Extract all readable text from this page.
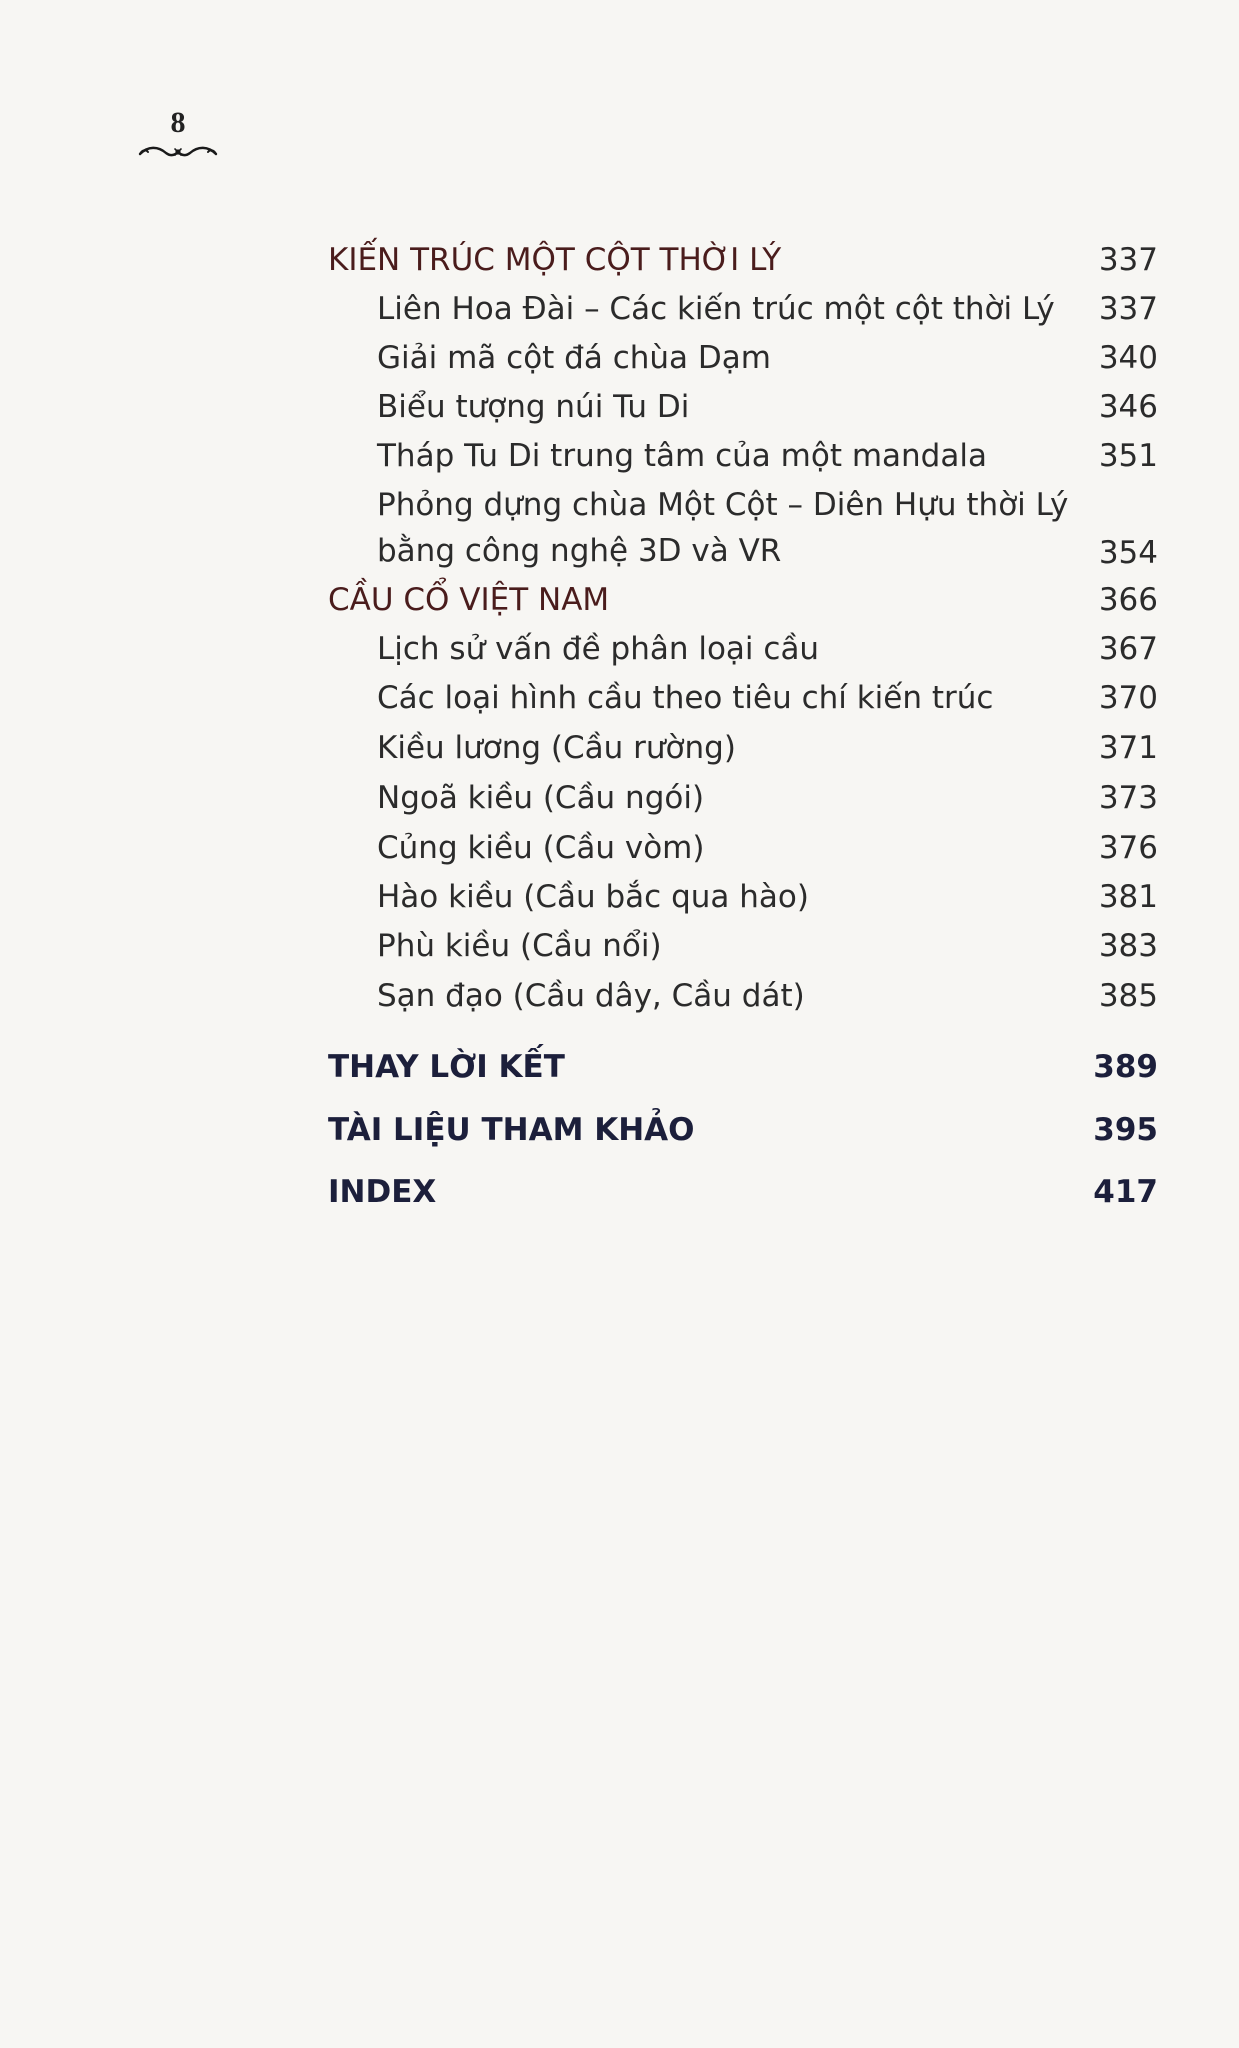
8
KIẾN TRÚC MỘT CỘT THỜI LÝ	337
Liên Hoa Đài – Các kiến trúc một cột thời Lý 337
Giải mã cột đá chùa Dạm	340
Biểu tượng núi Tu Di	346
Tháp Tu Di trung tâm của một mandala	351
Phỏng dựng chùa Một Cột – Diên Hựu thời Lý
bằng công nghệ 3D và VR	354
CẦU CỔ VIỆT NAM	366
Lịch sử vấn đề phân loại cầu	367
Các loại hình cầu theo tiêu chí kiến trúc	370
Kiều lương (Cầu rường)	371
Ngoã kiều (Cầu ngói)	373
Củng kiều (Cầu vòm)	376
Hào kiều (Cầu bắc qua hào)	381
Phù kiều (Cầu nổi)	383
Sạn đạo (Cầu dây, Cầu dát)	385
THAY LỜI KẾT	389
TÀI LIỆU THAM KHẢO	395
INDEX	417
